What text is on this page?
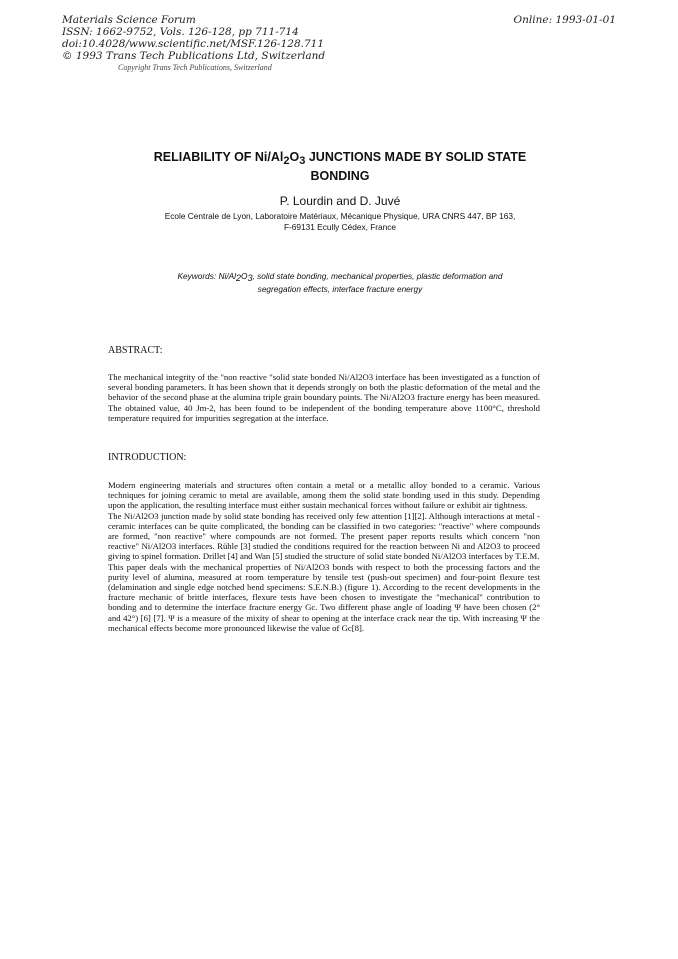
Materials Science Forum
ISSN: 1662-9752, Vols. 126-128, pp 711-714
doi:10.4028/www.scientific.net/MSF.126-128.711
© 1993 Trans Tech Publications Ltd, Switzerland
Online: 1993-01-01
Copyright Trans Tech Publications, Switzerland
RELIABILITY OF Ni/Al2O3 JUNCTIONS MADE BY SOLID STATE
BONDING
P. Lourdin and D. Juvé
Ecole Centrale de Lyon, Laboratoire Matériaux, Mécanique Physique, URA CNRS 447, BP 163,
F-69131 Ecully Cédex, France
Keywords: Ni/Al2O3, solid state bonding, mechanical properties, plastic deformation and
segregation effects, interface fracture energy
ABSTRACT:

The mechanical integrity of the "non reactive "solid state bonded Ni/Al2O3 interface has been investigated as a function of several bonding parameters. It has been shown that it depends strongly on both the plastic deformation of the metal and the behavior of the second phase at the alumina triple grain boundary points. The Ni/Al2O3 fracture energy has been measured. The obtained value, 40 Jm-2, has been found to be independent of the bonding temperature above 1100°C, threshold temperature required for impurities segregation at the interface.

INTRODUCTION:

Modern engineering materials and structures often contain a metal or a metallic alloy bonded to a ceramic. Various techniques for joining ceramic to metal are available, among them the solid state bonding used in this study. Depending upon the application, the resulting interface must either sustain mechanical forces without failure or exhibit air tightness.

The Ni/Al2O3 junction made by solid state bonding has received only few attention [1][2]. Although interactions at metal - ceramic interfaces can be quite complicated, the bonding can be classified in two categories: "reactive" where compounds are formed, "non reactive" where compounds are not formed. The present paper reports results which concern "non reactive" Ni/Al2O3 interfaces. Rühle [3] studied the conditions required for the reaction between Ni and Al2O3 to proceed giving to spinel formation. Drillet [4] and Wan [5] studied the structure of solid state bonded Ni/Al2O3 interfaces by T.E.M.

This paper deals with the mechanical properties of Ni/Al2O3 bonds with respect to both the processing factors and the purity level of alumina, measured at room temperature by tensile test (push-out specimen) and four-point flexure test (delamination and single edge notched bend specimens: S.E.N.B.) (figure 1). According to the recent developments in the fracture mechanic of brittle interfaces, flexure tests have been chosen to investigate the "mechanical" contribution to bonding and to determine the interface fracture energy Gc. Two different phase angle of loading Ψ have been chosen (2° and 42°) [6] [7]. Ψ is a measure of the mixity of shear to opening at the interface crack near the tip. With increasing Ψ the mechanical effects become more pronounced likewise the value of Gc[8].
